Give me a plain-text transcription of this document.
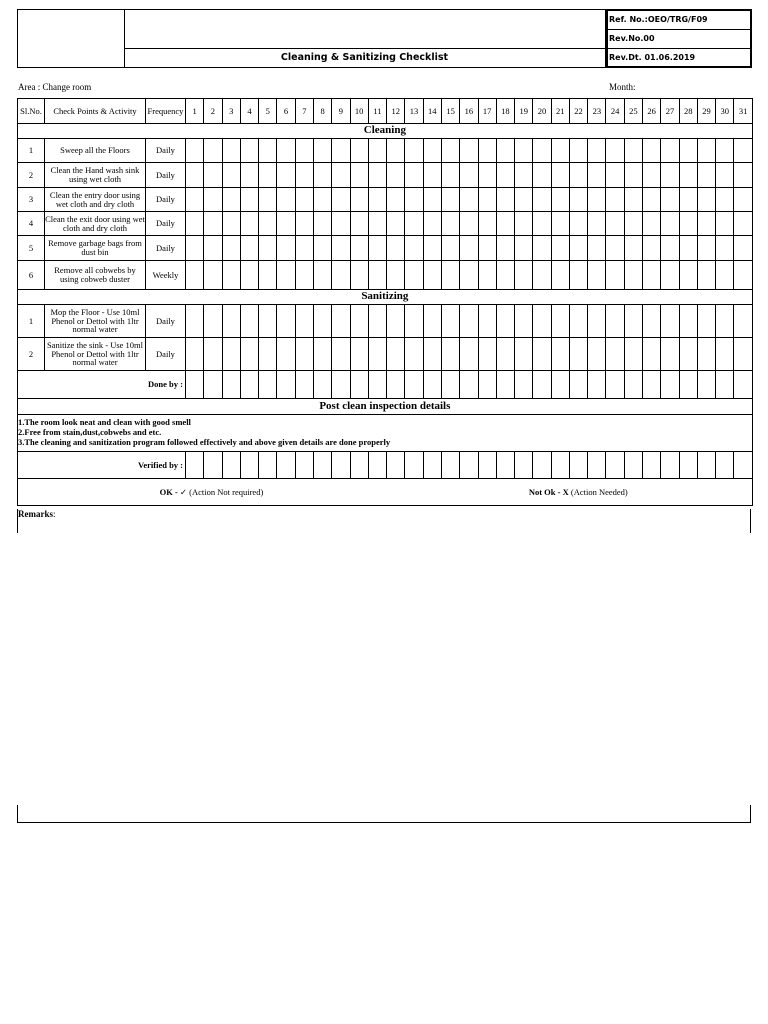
Cleaning & Sanitizing Checklist
Ref. No.:OEO/TRG/F09
Rev.No.00
Rev.Dt. 01.06.2019
Area : Change room	Month:
Sl.No.	Check Points & Activity	Frequency	1	2	3	4	5	6	7	8	9	10	11	12	13	14	15	16	17	18	19	20	21	22	23	24	25	26	27	28	29	30	31
Cleaning																																	
1	Sweep all the Floors	Daily																															
2	Clean the Hand wash sink using wet cloth	Daily																															
3	Clean the entry door using wet cloth and dry cloth	Daily																															
4	Clean the exit door using wet cloth and dry cloth	Daily																															
5	Remove garbage bags from dust bin	Daily																															
6	Remove all cobwebs by using cobweb duster	Weekly																															
Sanitizing																																	
1	Mop the Floor - Use 10ml Phenol or Dettol with 1ltr normal water	Daily																															
2	Sanitize the sink - Use 10ml Phenol or Dettol with 1ltr normal water	Daily																															
Done by :																																	
Post clean inspection details																																	

1.The room look neat and clean with good smell
2.Free from stain,dust,cobwebs and etc.
3.The cleaning and sanitization program followed effectively and above given details are done properly																																	

Verified by :																																	
OK - ✓ (Action Not required)															Not Ok - X (Action Needed)																		
Remarks:
